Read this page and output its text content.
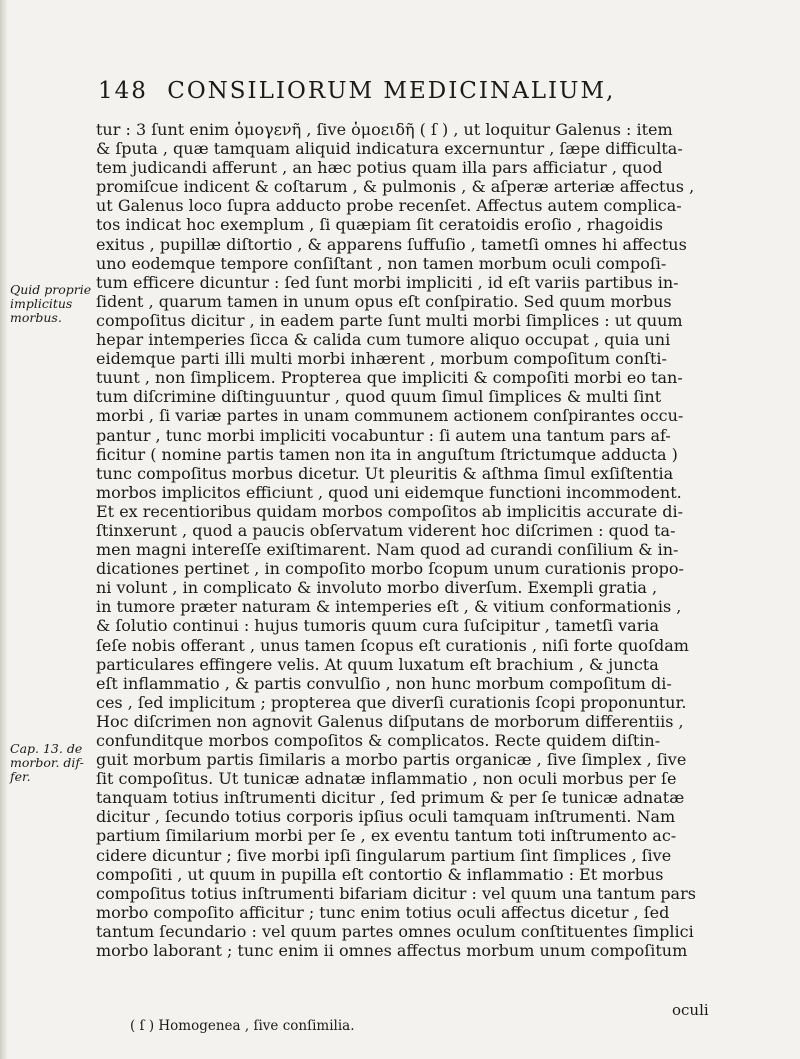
148 CONSILIORUM MEDICINALIUM,
Quid proprie
implicitus
morbus.
Cap. 13. de
morbor. dif-
fer.
tur : 3 ſunt enim ὁμογενῆ , ſive ὁμοειδῆ ( ſ ) , ut loquitur Galenus : item
& ſputa , quæ tamquam aliquid indicatura excernuntur , ſæpe difficulta-
tem judicandi afferunt , an hæc potius quam illa pars afficiatur , quod
promiſcue indicent & coſtarum , & pulmonis , & aſperæ arteriæ affectus ,
ut Galenus loco ſupra adducto probe recenſet. Affectus autem complica-
tos indicat hoc exemplum , ſi quæpiam ſit ceratoidis eroſio , rhagoidis
exitus , pupillæ diſtortio , & apparens ſuffuſio , tametſi omnes hi affectus
uno eodemque tempore conſiſtant , non tamen morbum oculi compoſi-
tum efficere dicuntur : ſed ſunt morbi impliciti , id eſt variis partibus in-
ſident , quarum tamen in unum opus eſt conſpiratio. Sed quum morbus
compoſitus dicitur , in eadem parte ſunt multi morbi ſimplices : ut quum
hepar intemperies ſicca & calida cum tumore aliquo occupat , quia uni
eidemque parti illi multi morbi inhærent , morbum compoſitum conſti-
tuunt , non ſimplicem. Propterea que impliciti & compoſiti morbi eo tan-
tum diſcrimine diſtinguuntur , quod quum ſimul ſimplices & multi ſint
morbi , ſi variæ partes in unam communem actionem conſpirantes occu-
pantur , tunc morbi impliciti vocabuntur : ſi autem una tantum pars af-
ficitur ( nomine partis tamen non ita in anguſtum ſtrictumque adducta )
tunc compoſitus morbus dicetur. Ut pleuritis & aſthma ſimul exſiſtentia
morbos implicitos efficiunt , quod uni eidemque functioni incommodent.
Et ex recentioribus quidam morbos compoſitos ab implicitis accurate di-
ſtinxerunt , quod a paucis obſervatum viderent hoc diſcrimen : quod ta-
men magni intereſſe exiſtimarent. Nam quod ad curandi conſilium & in-
dicationes pertinet , in compoſito morbo ſcopum unum curationis propo-
ni volunt , in complicato & involuto morbo diverſum. Exempli gratia ,
in tumore præter naturam & intemperies eſt , & vitium conformationis ,
& ſolutio continui : hujus tumoris quum cura ſuſcipitur , tametſi varia
ſeſe nobis offerant , unus tamen ſcopus eſt curationis , niſi forte quoſdam
particulares effingere velis. At quum luxatum eſt brachium , & juncta
eſt inflammatio , & partis convulſio , non hunc morbum compoſitum di-
ces , ſed implicitum ; propterea que diverſi curationis ſcopi proponuntur.
Hoc diſcrimen non agnovit Galenus diſputans de morborum differentiis ,
confunditque morbos compoſitos & complicatos. Recte quidem diſtin-
guit morbum partis ſimilaris a morbo partis organicæ , ſive ſimplex , ſive
ſit compoſitus. Ut tunicæ adnatæ inflammatio , non oculi morbus per ſe
tanquam totius inſtrumenti dicitur , ſed primum & per ſe tunicæ adnatæ
dicitur , ſecundo totius corporis ipſius oculi tamquam inſtrumenti. Nam
partium ſimilarium morbi per ſe , ex eventu tantum toti inſtrumento ac-
cidere dicuntur ; ſive morbi ipſi ſingularum partium ſint ſimplices , ſive
compoſiti , ut quum in pupilla eſt contortio & inflammatio : Et morbus
compoſitus totius inſtrumenti bifariam dicitur : vel quum una tantum pars
morbo compoſito afficitur ; tunc enim totius oculi affectus dicetur , ſed
tantum ſecundario : vel quum partes omnes oculum conſtituentes ſimplici
morbo laborant ; tunc enim ii omnes affectus morbum unum compoſitum
oculi
( ſ ) Homogenea , ſive conſimilia.
